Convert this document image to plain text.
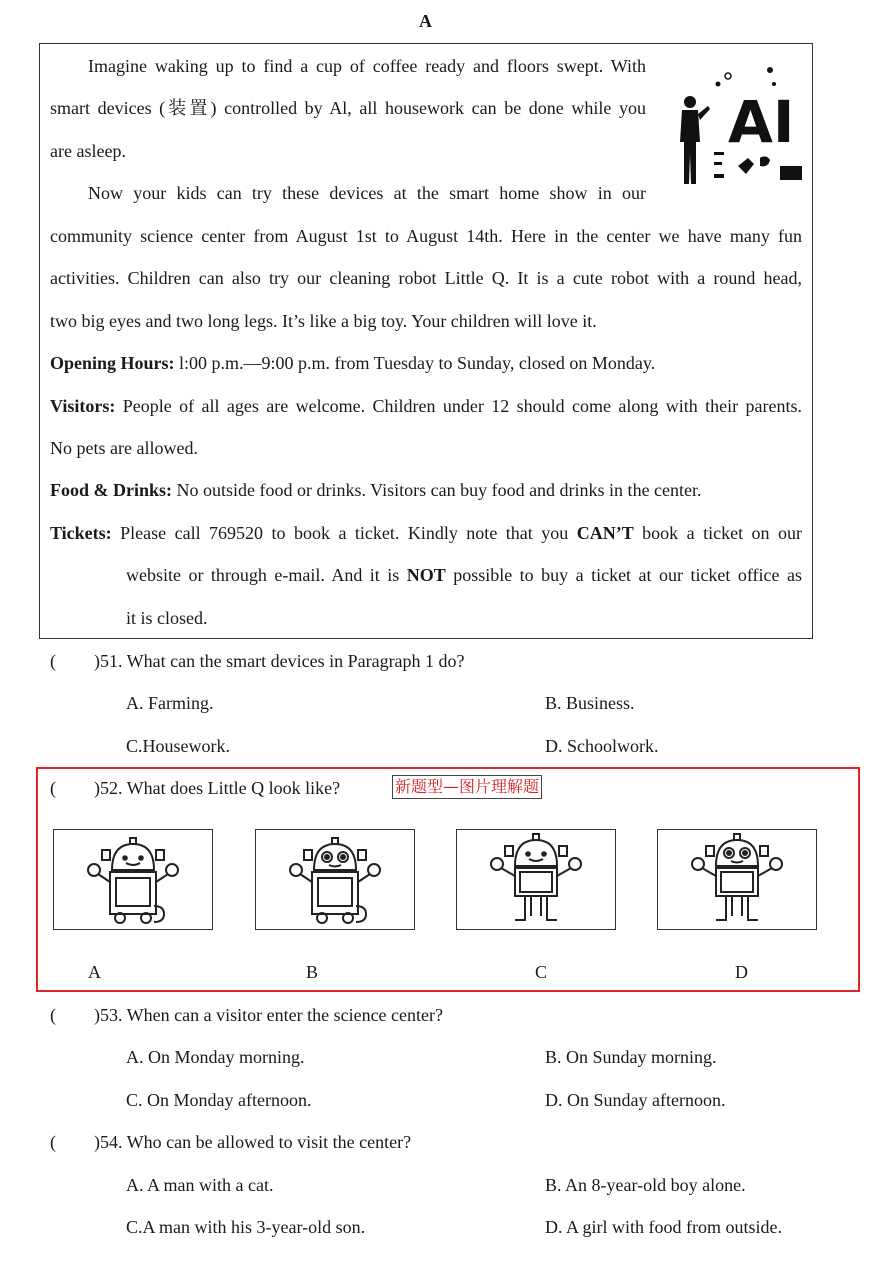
A
Imagine waking up to find a cup of coffee ready and floors swept. With
smart devices (装置) controlled by Al, all housework can be done while you
are asleep.	AI
Now your kids can try these devices at the smart home show in our
community science center from August 1st to August 14th. Here in the center we have many fun
activities. Children can also try our cleaning robot Little Q. It is a cute robot with a round head,
two big eyes and two long legs. It’s like a big toy. Your children will love it.
Opening Hours: l:00 p.m.—9:00 p.m. from Tuesday to Sunday, closed on Monday.
Visitors: People of all ages are welcome. Children under 12 should come along with their parents.
No pets are allowed.
Food & Drinks: No outside food or drinks. Visitors can buy food and drinks in the center.
Tickets: Please call 769520 to book a ticket. Kindly note that you CAN’T book a ticket on our
website or through e-mail. And it is NOT possible to buy a ticket at our ticket office as
it is closed.
( )51. What can the smart devices in Paragraph 1 do?
A. Farming.	B. Business.
C.Housework.	D. Schoolwork.
( )52. What does Little Q look like?	新题型—图片理解题
A	B	C	D
( )53. When can a visitor enter the science center?
A. On Monday morning.	B. On Sunday morning.
C. On Monday afternoon.	D. On Sunday afternoon.
( )54. Who can be allowed to visit the center?
A. A man with a cat.	B. An 8-year-old boy alone.
C.A man with his 3-year-old son.	D. A girl with food from outside.
